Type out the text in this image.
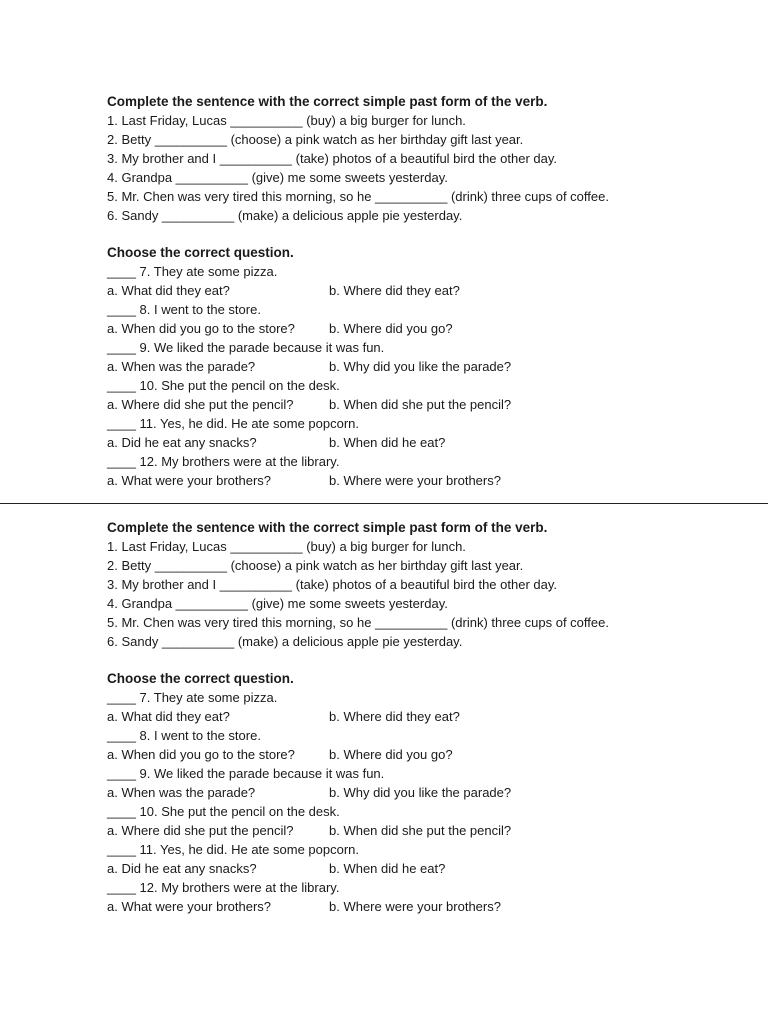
Complete the sentence with the correct simple past form of the verb.
1. Last Friday, Lucas __________ (buy) a big burger for lunch.
2. Betty __________ (choose) a pink watch as her birthday gift last year.
3. My brother and I __________ (take) photos of a beautiful bird the other day.
4. Grandpa __________ (give) me some sweets yesterday.
5. Mr. Chen was very tired this morning, so he __________ (drink) three cups of coffee.
6. Sandy __________ (make) a delicious apple pie yesterday.
Choose the correct question.
____ 7. They ate some pizza.
a. What did they eat?	b. Where did they eat?
____ 8. I went to the store.
a. When did you go to the store?	b. Where did you go?
____ 9. We liked the parade because it was fun.
a. When was the parade?	b. Why did you like the parade?
____ 10. She put the pencil on the desk.
a. Where did she put the pencil?	b. When did she put the pencil?
____ 11. Yes, he did. He ate some popcorn.
a. Did he eat any snacks?	b. When did he eat?
____ 12. My brothers were at the library.
a. What were your brothers?	b. Where were your brothers?
Complete the sentence with the correct simple past form of the verb.
1. Last Friday, Lucas __________ (buy) a big burger for lunch.
2. Betty __________ (choose) a pink watch as her birthday gift last year.
3. My brother and I __________ (take) photos of a beautiful bird the other day.
4. Grandpa __________ (give) me some sweets yesterday.
5. Mr. Chen was very tired this morning, so he __________ (drink) three cups of coffee.
6. Sandy __________ (make) a delicious apple pie yesterday.
Choose the correct question.
____ 7. They ate some pizza.
a. What did they eat?	b. Where did they eat?
____ 8. I went to the store.
a. When did you go to the store?	b. Where did you go?
____ 9. We liked the parade because it was fun.
a. When was the parade?	b. Why did you like the parade?
____ 10. She put the pencil on the desk.
a. Where did she put the pencil?	b. When did she put the pencil?
____ 11. Yes, he did. He ate some popcorn.
a. Did he eat any snacks?	b. When did he eat?
____ 12. My brothers were at the library.
a. What were your brothers?	b. Where were your brothers?
